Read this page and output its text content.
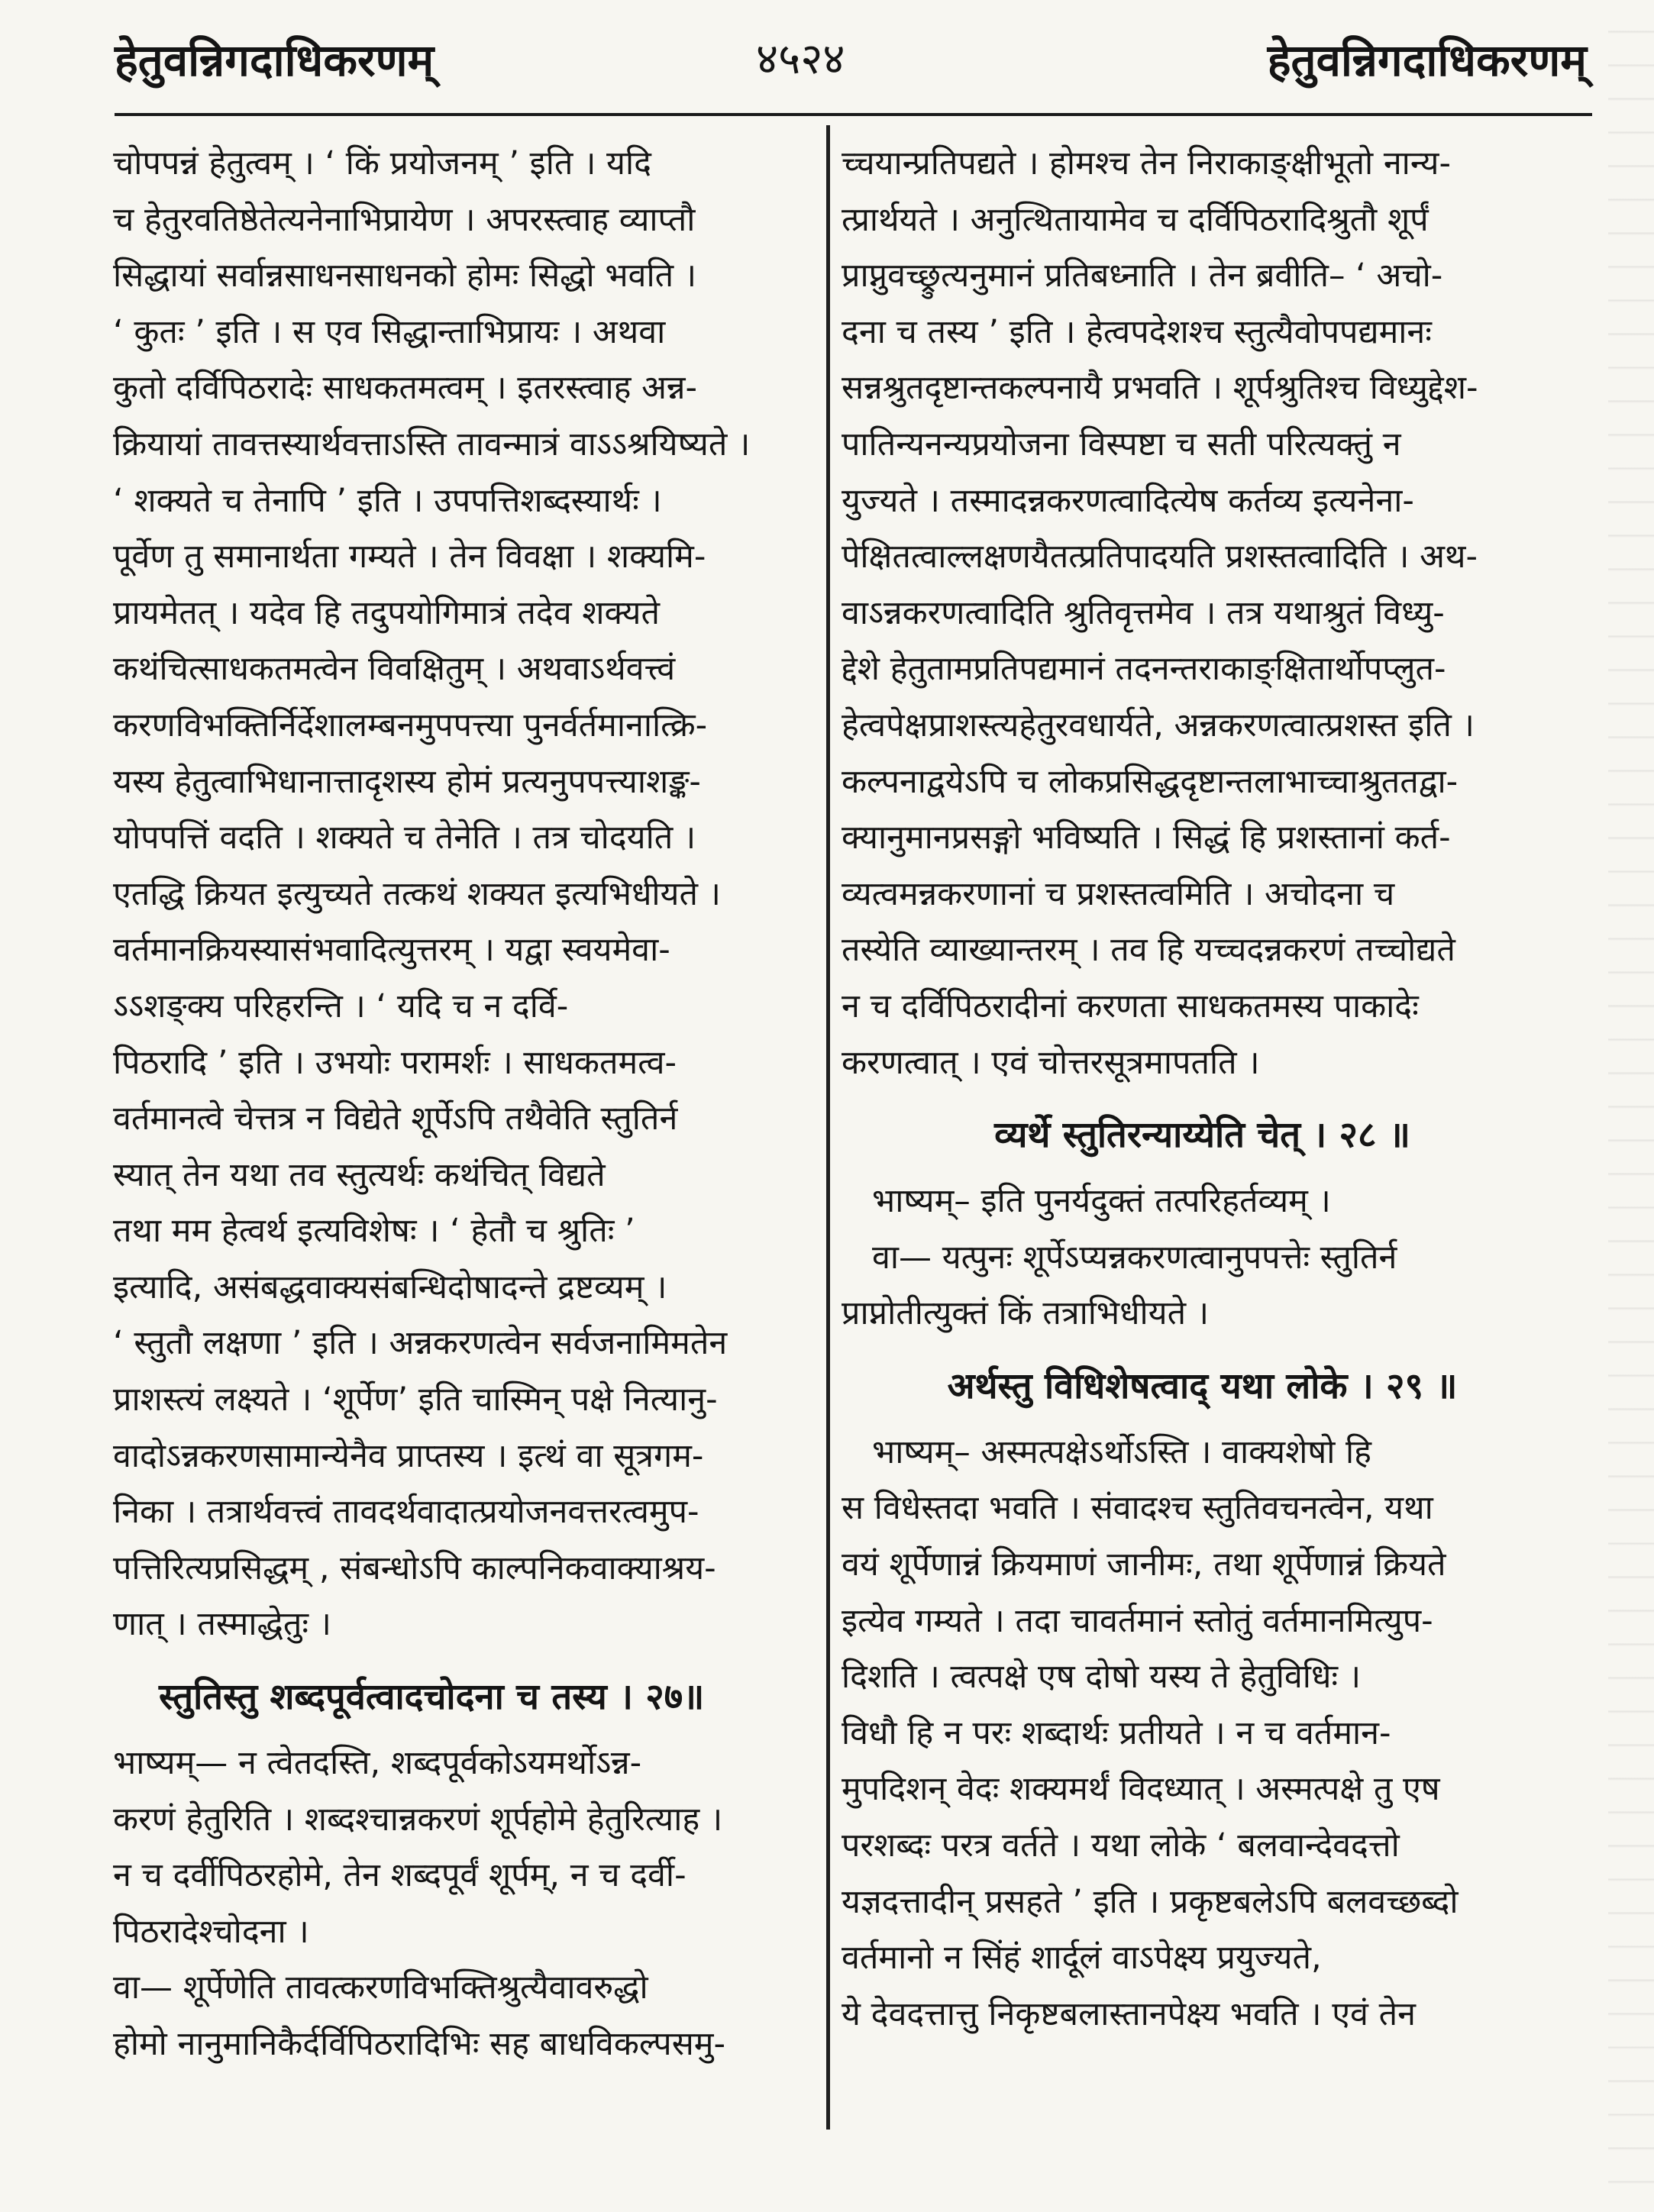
हेतुवन्निगदाधिकरणम्	४५२४	हेतुवन्निगदाधिकरणम्

चोपपन्नं हेतुत्वम् । ‘ किं प्रयोजनम् ’ इति । यदि
च हेतुरवतिष्ठेतेत्यनेनाभिप्रायेण । अपरस्त्वाह व्याप्तौ
सिद्धायां सर्वान्नसाधनसाधनको होमः सिद्धो भवति ।
‘ कुतः ’ इति । स एव सिद्धान्ताभिप्रायः । अथवा
कुतो दर्विपिठरादेः साधकतमत्वम् । इतरस्त्वाह अन्न-
क्रियायां तावत्तस्यार्थवत्ताऽस्ति तावन्मात्रं वाऽऽश्रयिष्यते ।
‘ शक्यते च तेनापि ’ इति । उपपत्तिशब्दस्यार्थः ।
पूर्वेण तु समानार्थता गम्यते । तेन विवक्षा । शक्यमि-
प्रायमेतत् । यदेव हि तदुपयोगिमात्रं तदेव शक्यते
कथंचित्साधकतमत्वेन विवक्षितुम् । अथवाऽर्थवत्त्वं
करणविभक्तिर्निर्देशालम्बनमुपपत्त्या पुनर्वर्तमानात्क्रि-
यस्य हेतुत्वाभिधानात्तादृशस्य होमं प्रत्यनुपपत्त्याशङ्क-
योपपत्तिं वदति । शक्यते च तेनेति । तत्र चोदयति ।
एतद्धि क्रियत इत्युच्यते तत्कथं शक्यत इत्यभिधीयते ।
वर्तमानक्रियस्यासंभवादित्युत्तरम् । यद्वा स्वयमेवा-
ऽऽशङ्क्य परिहरन्ति । ‘ यदि च न दर्वि-
पिठरादि ’ इति । उभयोः परामर्शः । साधकतमत्व-
वर्तमानत्वे चेत्तत्र न विद्येते शूर्पेऽपि तथैवेति स्तुतिर्न
स्यात् तेन यथा तव स्तुत्यर्थः कथंचित् विद्यते
तथा मम हेत्वर्थ इत्यविशेषः । ‘ हेतौ च श्रुतिः ’
इत्यादि, असंबद्धवाक्यसंबन्धिदोषादन्ते द्रष्टव्यम् ।
‘ स्तुतौ लक्षणा ’ इति । अन्नकरणत्वेन सर्वजनामिमतेन
प्राशस्त्यं लक्ष्यते । ‘शूर्पेण’ इति चास्मिन् पक्षे नित्यानु-
वादोऽन्नकरणसामान्येनैव प्राप्तस्य । इत्थं वा सूत्रगम-
निका । तत्रार्थवत्त्वं तावदर्थवादात्प्रयोजनवत्तरत्वमुप-
पत्तिरित्यप्रसिद्धम् , संबन्धोऽपि काल्पनिकवाक्याश्रय-
णात् । तस्माद्धेतुः ।

स्तुतिस्तु शब्दपूर्वत्वादचोदना च तस्य । २७॥

भाष्यम्— न त्वेतदस्ति, शब्दपूर्वकोऽयमर्थोऽन्न-
करणं हेतुरिति । शब्दश्चान्नकरणं शूर्पहोमे हेतुरित्याह ।
न च दर्वीपिठरहोमे, तेन शब्दपूर्वं शूर्पम्, न च दर्वी-
पिठरादेश्चोदना ।

वा— शूर्पेणेति तावत्करणविभक्तिश्रुत्यैवावरुद्धो
होमो नानुमानिकैर्दर्विपिठरादिभिः सह बाधविकल्पसमु-

च्चयान्प्रतिपद्यते । होमश्च तेन निराकाङ्क्षीभूतो नान्य-
त्प्रार्थयते । अनुत्थितायामेव च दर्विपिठरादिश्रुतौ शूर्पं
प्राप्नुवच्छ्रुत्यनुमानं प्रतिबध्नाति । तेन ब्रवीति– ‘ अचो-
दना च तस्य ’ इति । हेत्वपदेशश्च स्तुत्यैवोपपद्यमानः
सन्नश्रुतदृष्टान्तकल्पनायै प्रभवति । शूर्पश्रुतिश्च विध्युद्देश-
पातिन्यनन्यप्रयोजना विस्पष्टा च सती परित्यक्तुं न
युज्यते । तस्मादन्नकरणत्वादित्येष कर्तव्य इत्यनेना-
पेक्षितत्वाल्लक्षणयैतत्प्रतिपादयति प्रशस्तत्वादिति । अथ-
वाऽन्नकरणत्वादिति श्रुतिवृत्तमेव । तत्र यथाश्रुतं विध्यु-
द्देशे हेतुतामप्रतिपद्यमानं तदनन्तराकाङ्क्षितार्थोपप्लुत-
हेत्वपेक्षप्राशस्त्यहेतुरवधार्यते, अन्नकरणत्वात्प्रशस्त इति ।
कल्पनाद्वयेऽपि च लोकप्रसिद्धदृष्टान्तलाभाच्चाश्रुततद्वा-
क्यानुमानप्रसङ्गो भविष्यति । सिद्धं हि प्रशस्तानां कर्त-
व्यत्वमन्नकरणानां च प्रशस्तत्वमिति । अचोदना च
तस्येति व्याख्यान्तरम् । तव हि यच्चदन्नकरणं तच्चोद्यते
न च दर्विपिठरादीनां करणता साधकतमस्य पाकादेः
करणत्वात् । एवं चोत्तरसूत्रमापतति ।

व्यर्थे स्तुतिरन्याय्येति चेत् । २८ ॥

भाष्यम्– इति पुनर्यदुक्तं तत्परिहर्तव्यम् ।

वा— यत्पुनः शूर्पेऽप्यन्नकरणत्वानुपपत्तेः स्तुतिर्न
प्राप्नोतीत्युक्तं किं तत्राभिधीयते ।

अर्थस्तु विधिशेषत्वाद् यथा लोके । २९ ॥

भाष्यम्– अस्मत्पक्षेऽर्थोऽस्ति । वाक्यशेषो हि
स विधेस्तदा भवति । संवादश्च स्तुतिवचनत्वेन, यथा
वयं शूर्पेणान्नं क्रियमाणं जानीमः, तथा शूर्पेणान्नं क्रियते
इत्येव गम्यते । तदा चावर्तमानं स्तोतुं वर्तमानमित्युप-
दिशति । त्वत्पक्षे एष दोषो यस्य ते हेतुविधिः ।
विधौ हि न परः शब्दार्थः प्रतीयते । न च वर्तमान-
मुपदिशन् वेदः शक्यमर्थं विदध्यात् । अस्मत्पक्षे तु एष
परशब्दः परत्र वर्तते । यथा लोके ‘ बलवान्देवदत्तो
यज्ञदत्तादीन् प्रसहते ’ इति । प्रकृष्टबलेऽपि बलवच्छब्दो
वर्तमानो न सिंहं शार्दूलं वाऽपेक्ष्य प्रयुज्यते,
ये देवदत्तात्तु निकृष्टबलास्तानपेक्ष्य भवति । एवं तेन
